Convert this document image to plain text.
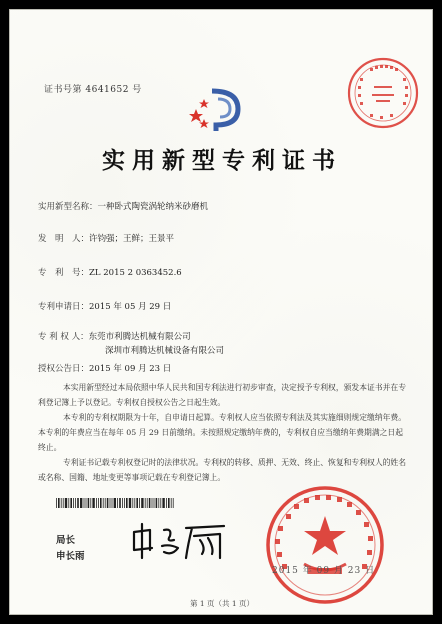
证书号第 4641652 号
实用新型专利证书
实用新型名称：一种卧式陶瓷涡轮纳米砂磨机
发　明　人：许钧强；王鲜；王景平
专　利　号：ZL 2015 2 0363452.6
专利申请日：2015 年 05 月 29 日
专 利 权 人：东莞市利腾达机械有限公司
深圳市利腾达机械设备有限公司
授权公告日：2015 年 09 月 23 日

本实用新型经过本局依照中华人民共和国专利法进行初步审查，决定授予专利权，颁发本证书并在专利登记簿上予以登记。专利权自授权公告之日起生效。

本专利的专利权期限为十年，自申请日起算。专利权人应当依照专利法及其实施细则规定缴纳年费。本专利的年费应当在每年 05 月 29 日前缴纳。未按照规定缴纳年费的，专利权自应当缴纳年费期满之日起终止。

专利证书记载专利权登记时的法律状况。专利权的转移、质押、无效、终止、恢复和专利权人的姓名或名称、国籍、地址变更等事项记载在专利登记簿上。

局长
申长雨
2015 年 09 月 23 日
第 1 页（共 1 页）
